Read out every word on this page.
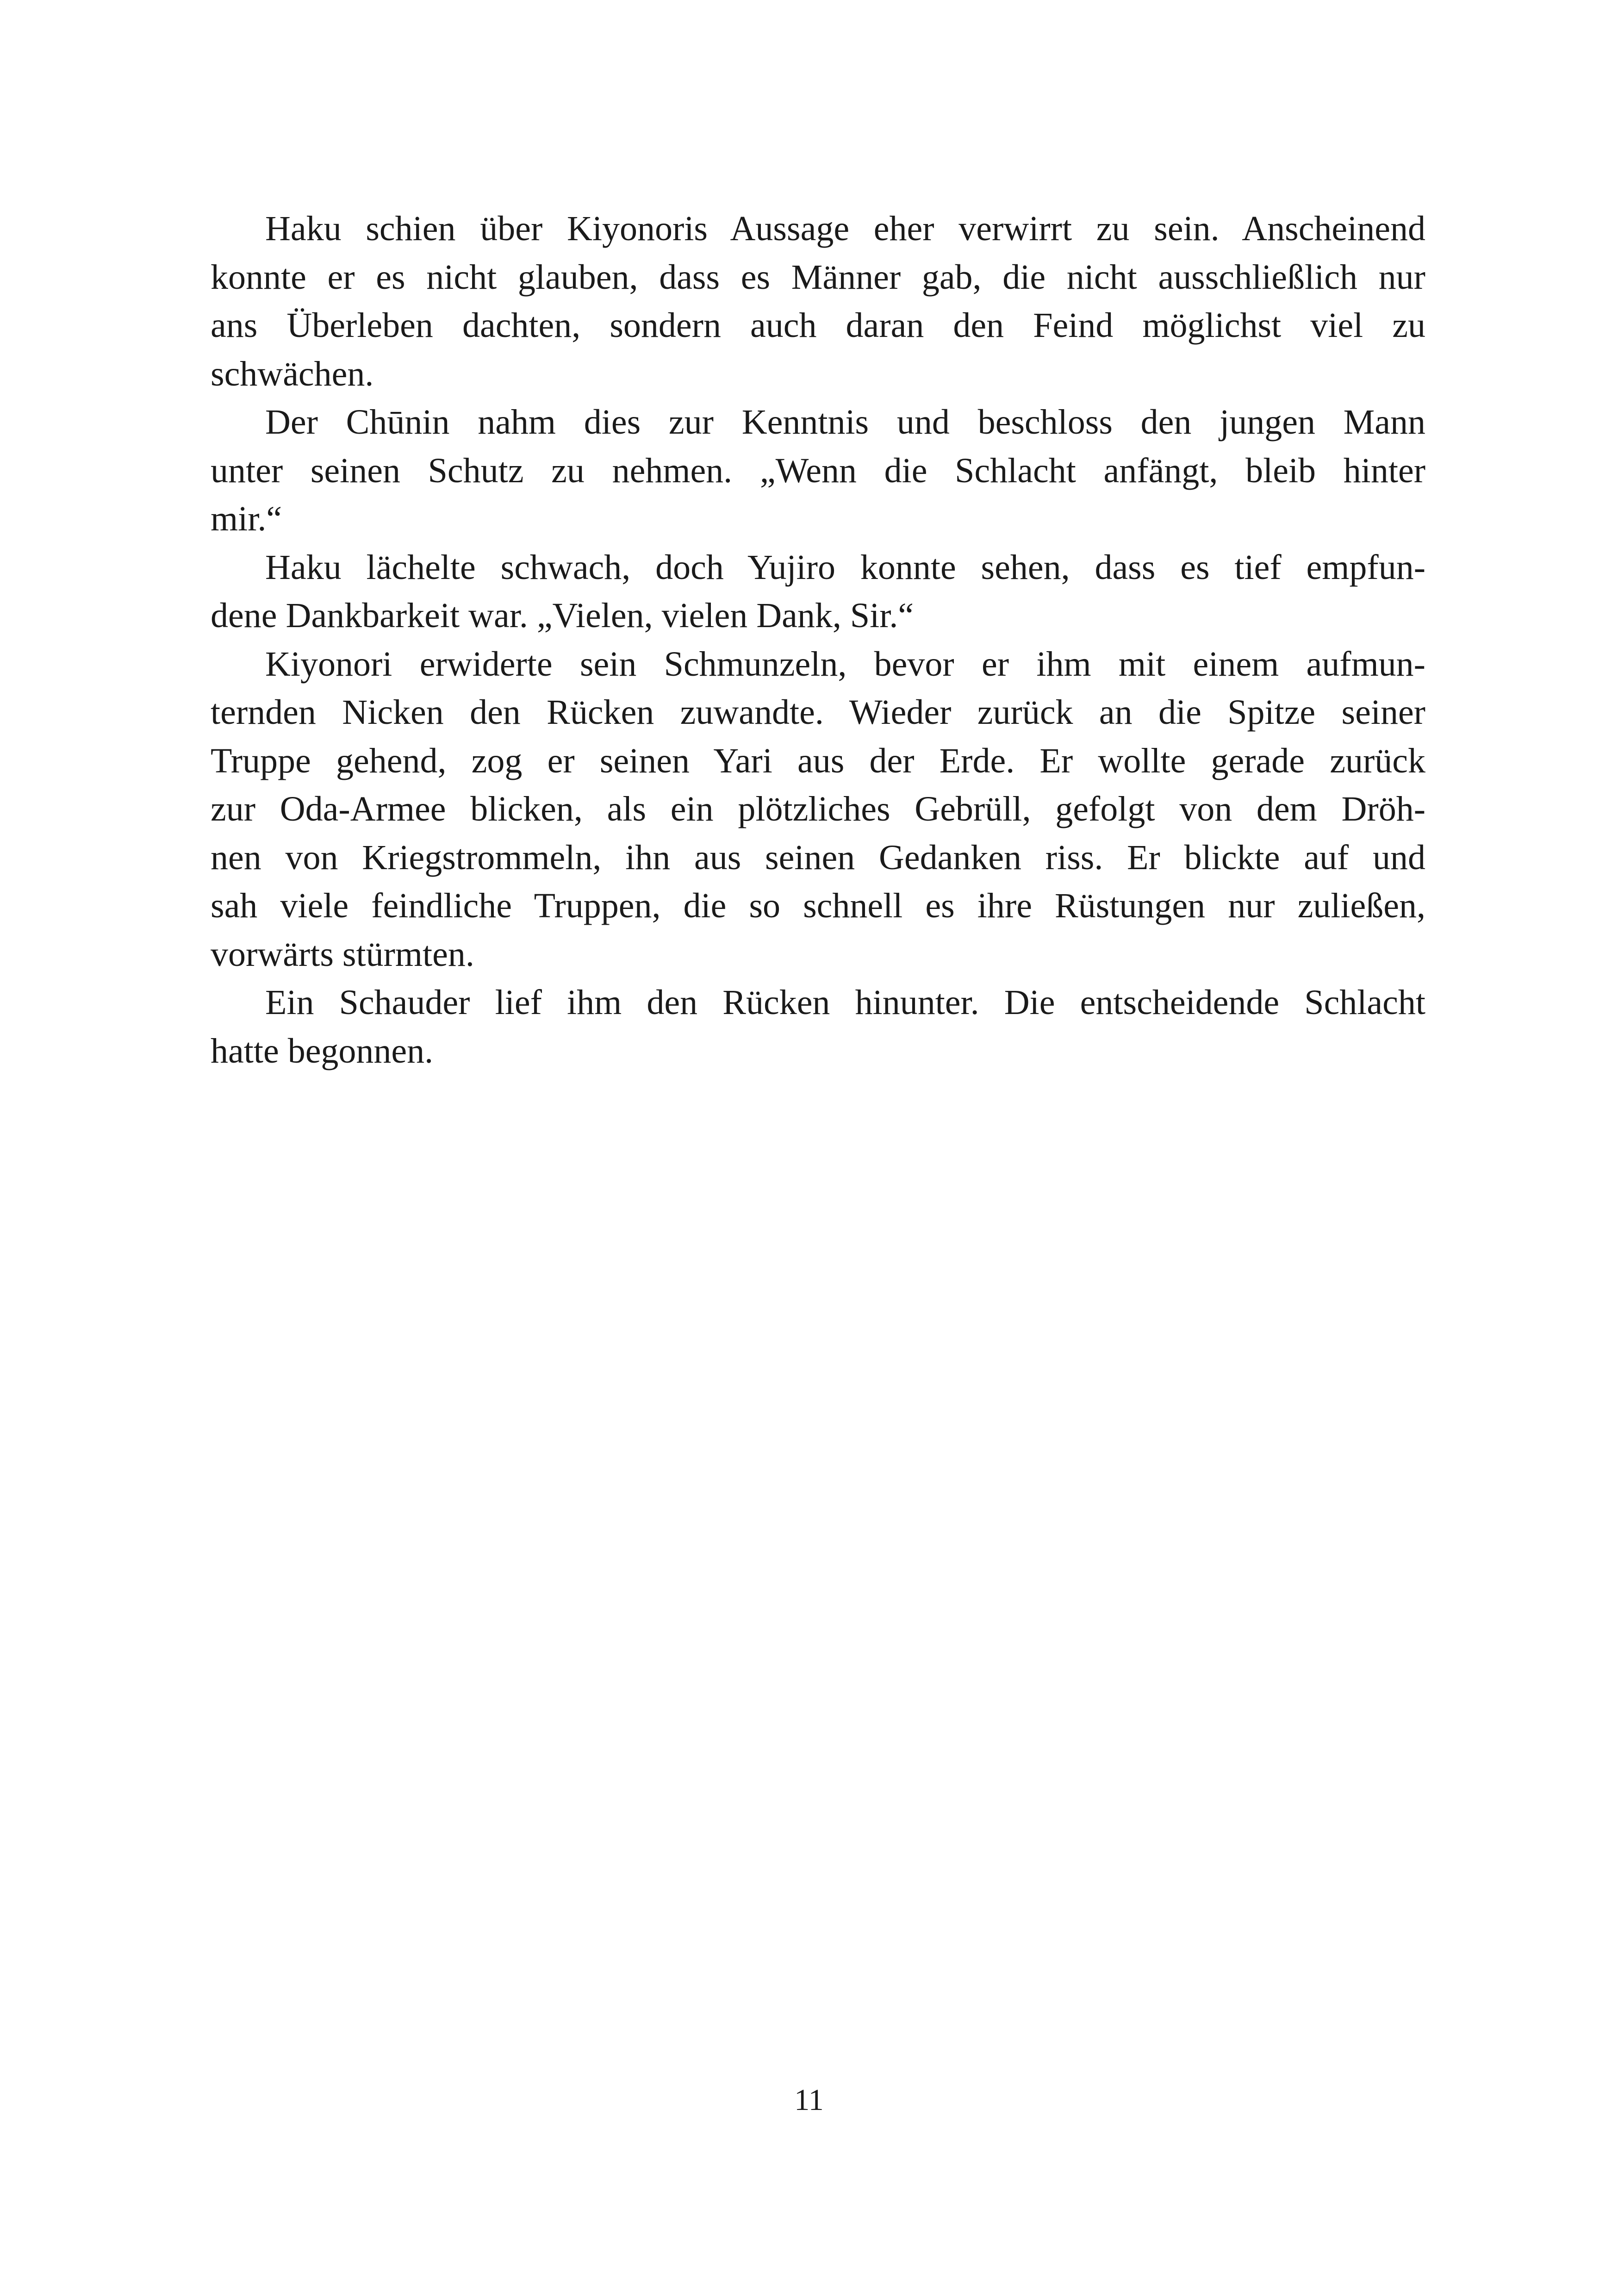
Haku schien über Kiyonoris Aussage eher verwirrt zu sein. Anscheinend
konnte er es nicht glauben, dass es Männer gab, die nicht ausschließlich nur
ans Überleben dachten, sondern auch daran den Feind möglichst viel zu
schwächen.
Der Chūnin nahm dies zur Kenntnis und beschloss den jungen Mann
unter seinen Schutz zu nehmen. „Wenn die Schlacht anfängt, bleib hinter
mir.“
Haku lächelte schwach, doch Yujiro konnte sehen, dass es tief empfun-
dene Dankbarkeit war. „Vielen, vielen Dank, Sir.“
Kiyonori erwiderte sein Schmunzeln, bevor er ihm mit einem aufmun-
ternden Nicken den Rücken zuwandte. Wieder zurück an die Spitze seiner
Truppe gehend, zog er seinen Yari aus der Erde. Er wollte gerade zurück
zur Oda-Armee blicken, als ein plötzliches Gebrüll, gefolgt von dem Dröh-
nen von Kriegstrommeln, ihn aus seinen Gedanken riss. Er blickte auf und
sah viele feindliche Truppen, die so schnell es ihre Rüstungen nur zuließen,
vorwärts stürmten.
Ein Schauder lief ihm den Rücken hinunter. Die entscheidende Schlacht
hatte begonnen.
11
